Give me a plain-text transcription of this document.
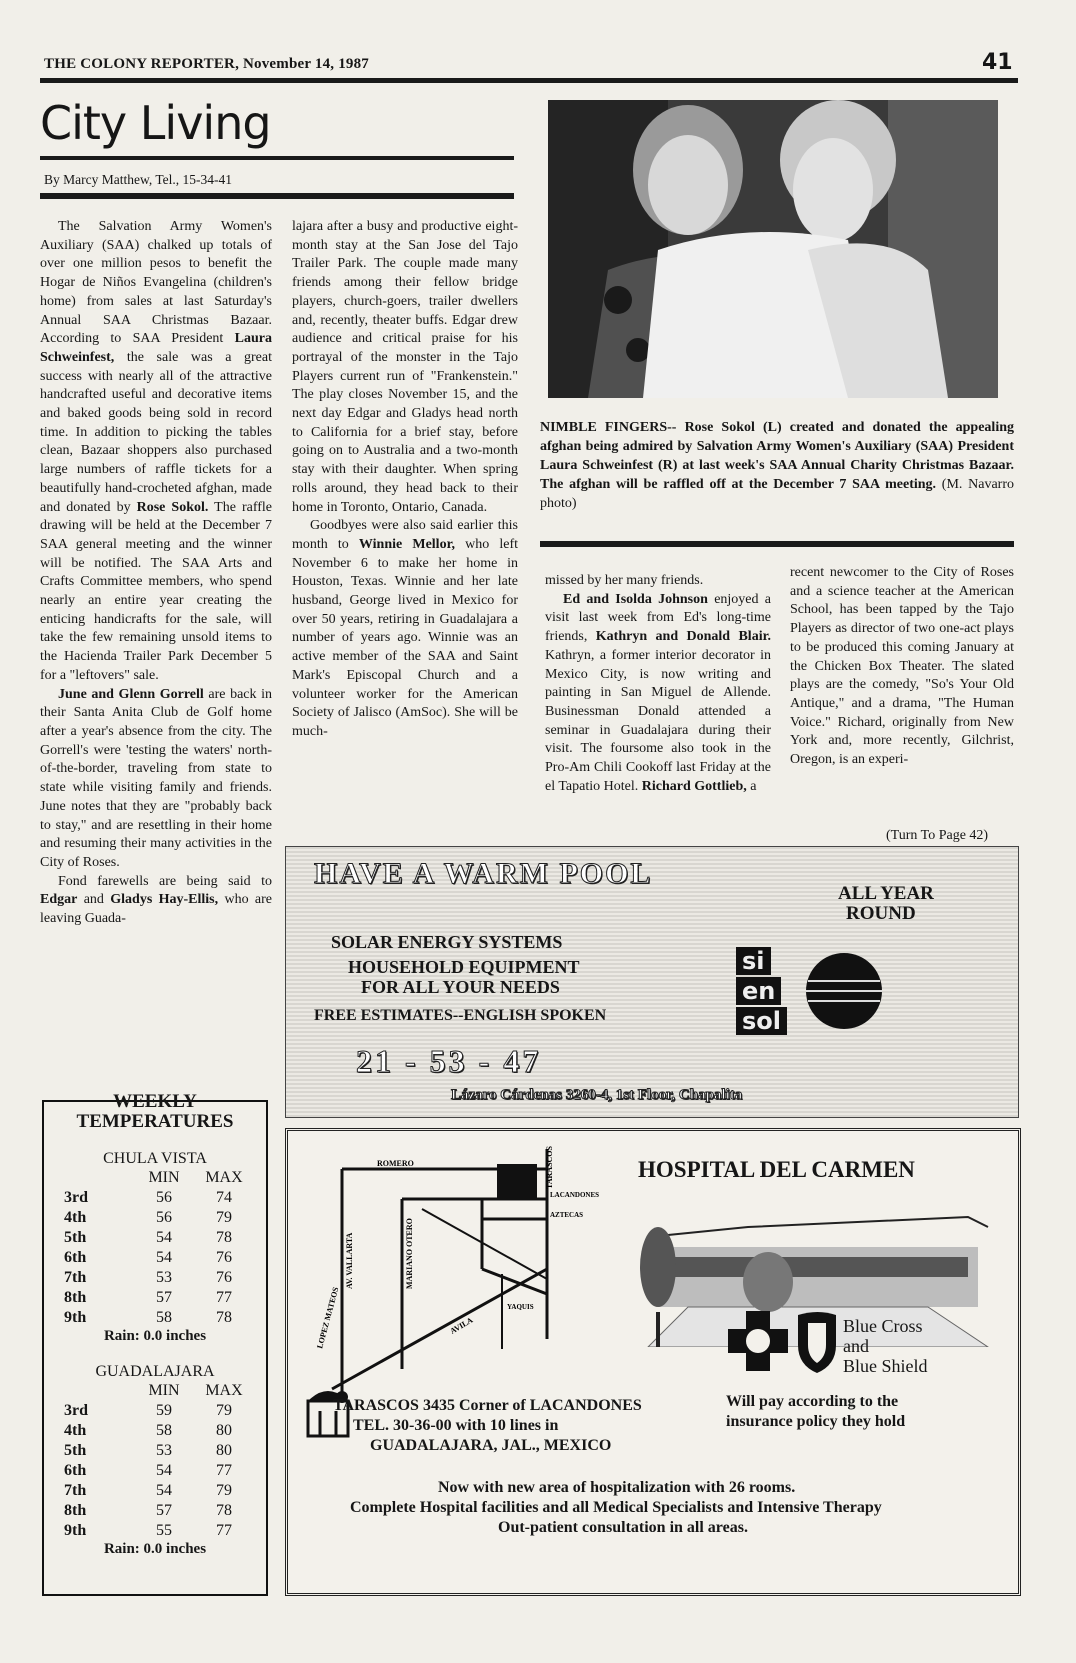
THE COLONY REPORTER, November 14, 1987	41
City Living
By Marcy Matthew, Tel., 15-34-41
NIMBLE FINGERS-- Rose Sokol (L) created and donated the appealing afghan being admired by Salvation Army Women's Auxiliary (SAA) President Laura Schweinfest (R) at last week's SAA Annual Charity Christmas Bazaar. The afghan will be raffled off at the December 7 SAA meeting. (M. Navarro photo)

The Salvation Army Women's Auxiliary (SAA) chalked up totals of over one million pesos to benefit the Hogar de Niños Evangelina (children's home) from sales at last Saturday's Annual SAA Christmas Bazaar. According to SAA President Laura Schweinfest, the sale was a great success with nearly all of the attractive handcrafted useful and decorative items and baked goods being sold in record time. In addition to picking the tables clean, Bazaar shoppers also purchased large numbers of raffle tickets for a beautifully hand-crocheted afghan, made and donated by Rose Sokol. The raffle drawing will be held at the December 7 SAA general meeting and the winner will be notified. The SAA Arts and Crafts Committee members, who spend nearly an entire year creating the enticing handicrafts for the sale, will take the few remaining unsold items to the Hacienda Trailer Park December 5 for a "leftovers" sale.

June and Glenn Gorrell are back in their Santa Anita Club de Golf home after a year's absence from the city. The Gorrell's were 'testing the waters' north-of-the-border, traveling from state to state while visiting family and friends. June notes that they are "probably back to stay," and are resettling in their home and resuming their many activities in the City of Roses.

Fond farewells are being said to Edgar and Gladys Hay-Ellis, who are leaving Guada-

lajara after a busy and productive eight-month stay at the San Jose del Tajo Trailer Park. The couple made many friends among their fellow bridge players, church-goers, trailer dwellers and, recently, theater buffs. Edgar drew audience and critical praise for his portrayal of the monster in the Tajo Players current run of "Frankenstein." The play closes November 15, and the next day Edgar and Gladys head north to California for a brief stay, before going on to Australia and a two-month stay with their daughter. When spring rolls around, they head back to their home in Toronto, Ontario, Canada.

Goodbyes were also said earlier this month to Winnie Mellor, who left November 6 to make her home in Houston, Texas. Winnie and her late husband, George lived in Mexico for over 50 years, retiring in Guadalajara a number of years ago. Winnie was an active member of the SAA and Saint Mark's Episcopal Church and a volunteer worker for the American Society of Jalisco (AmSoc). She will be much-

missed by her many friends.

Ed and Isolda Johnson enjoyed a visit last week from Ed's long-time friends, Kathryn and Donald Blair. Kathryn, a former interior decorator in Mexico City, is now writing and painting in San Miguel de Allende. Businessman Donald attended a seminar in Guadalajara during their visit. The foursome also took in the Pro-Am Chili Cookoff last Friday at the el Tapatio Hotel. Richard Gottlieb, a

recent newcomer to the City of Roses and a science teacher at the American School, has been tapped by the Tajo Players as director of two one-act plays to be produced this coming January at the Chicken Box Theater. The slated plays are the comedy, "So's Your Old Antique," and a drama, "The Human Voice." Richard, originally from New York and, more recently, Gilchrist, Oregon, is an experi-

(Turn To Page 42)
WEEKLY
TEMPERATURES
CHULA VISTA
	MIN	MAX
3rd	56	74
4th	56	79
5th	54	78
6th	54	76
7th	53	76
8th	57	77
9th	58	78
Rain: 0.0 inches
GUADALAJARA
	MIN	MAX
3rd	59	79
4th	58	80
5th	53	80
6th	54	77
7th	54	79
8th	57	78
9th	55	77
Rain: 0.0 inches
HAVE A WARM POOL
ALL YEAR
ROUND
SOLAR ENERGY SYSTEMS
HOUSEHOLD EQUIPMENT
FOR ALL YOUR NEEDS
FREE ESTIMATES--ENGLISH SPOKEN
21 - 53 - 47
Lázaro Cárdenas 3260-4, 1st Floor, Chapalita
si
en
sol
ROMERO	TARASCOS
LACANDONES
AZTECAS
AV. VALLARTA	MARIANO OTERO
YAQUIS
LOPEZ MATEOS	AVILA
HOSPITAL DEL CARMEN
Blue Cross
and
Blue Shield
Will pay according to the
insurance policy they hold
TARASCOS 3435 Corner of LACANDONES
TEL. 30-36-00 with 10 lines in
GUADALAJARA, JAL., MEXICO
Now with new area of hospitalization with 26 rooms.
Complete Hospital facilities and all Medical Specialists and Intensive Therapy
Out-patient consultation in all areas.
